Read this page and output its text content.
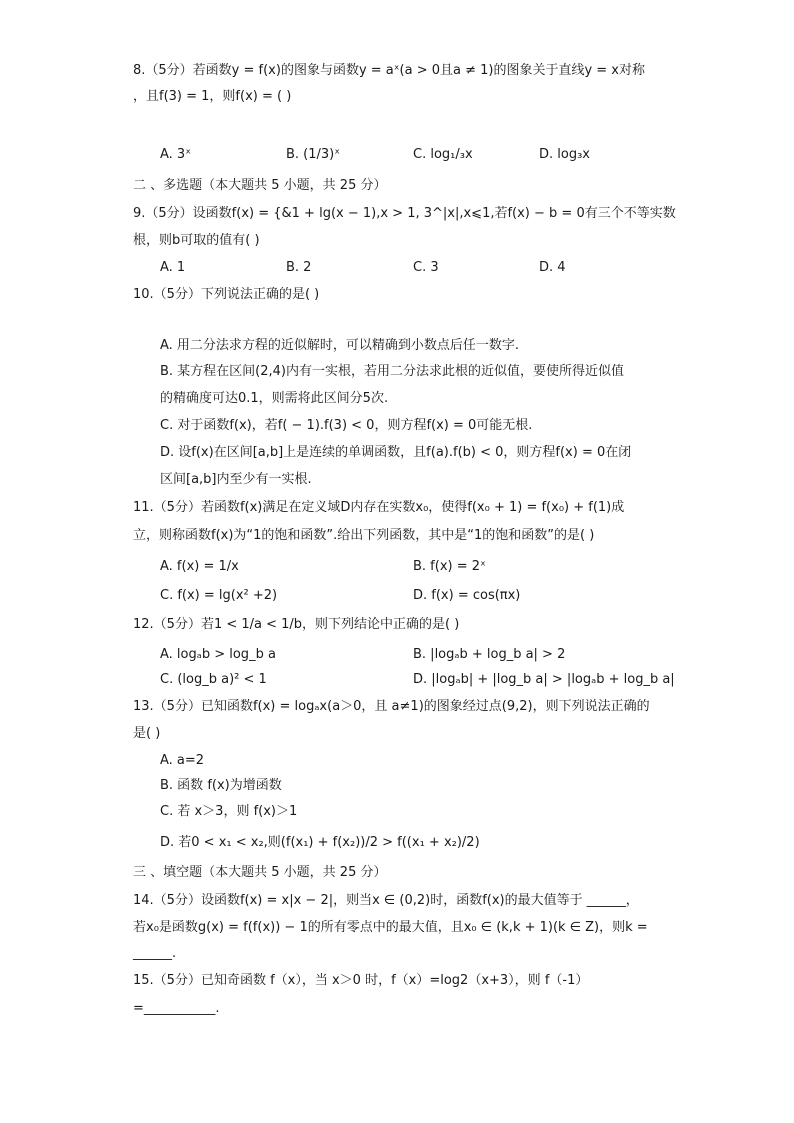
8.（5分）若函数y = f(x)的图象与函数y = aˣ(a > 0且a ≠ 1)的图象关于直线y = x对称
，且f(3) = 1，则f(x) = ( )
A. 3ˣ	B. (1/3)ˣ	C. log₁/₃x	D. log₃x
二 、多选题（本大题共 5 小题，共 25 分）
9.（5分）设函数f(x) = {&1 + lg(x − 1),x > 1, 3^|x|,x⩽1,若f(x) − b = 0有三个不等实数
根，则b可取的值有( )
A. 1	B. 2	C. 3	D. 4
10.（5分）下列说法正确的是( )
A. 用二分法求方程的近似解时，可以精确到小数点后任一数字.
B. 某方程在区间(2,4)内有一实根，若用二分法求此根的近似值，要使所得近似值
的精确度可达0.1，则需将此区间分5次.
C. 对于函数f(x)，若f( − 1).f(3) < 0，则方程f(x) = 0可能无根.
D. 设f(x)在区间[a,b]上是连续的单调函数，且f(a).f(b) < 0，则方程f(x) = 0在闭
区间[a,b]内至少有一实根.
11.（5分）若函数f(x)满足在定义域D内存在实数x₀，使得f(x₀ + 1) = f(x₀) + f(1)成
立，则称函数f(x)为“1的饱和函数”.给出下列函数，其中是“1的饱和函数”的是( )
A. f(x) = 1/x	B. f(x) = 2ˣ
C. f(x) = lg(x² +2)	D. f(x) = cos(πx)
12.（5分）若1 < 1/a < 1/b，则下列结论中正确的是( )
A. logₐb > log_b a	B. |logₐb + log_b a| > 2
C. (log_b a)² < 1	D. |logₐb| + |log_b a| > |logₐb + log_b a|
13.（5分）已知函数f(x) = logₐx(a＞0，且 a≠1)的图象经过点(9,2)，则下列说法正确的
是( )
A. a=2
B. 函数 f(x)为增函数
C. 若 x＞3，则 f(x)＞1
D. 若0 < x₁ < x₂,则(f(x₁) + f(x₂))/2 > f((x₁ + x₂)/2)
三 、填空题（本大题共 5 小题，共 25 分）
14.（5分）设函数f(x) = x|x − 2|，则当x ∈ (0,2)时，函数f(x)的最大值等于 ______，
若x₀是函数g(x) = f(f(x)) − 1的所有零点中的最大值，且x₀ ∈ (k,k + 1)(k ∈ Z)，则k =
______.
15.（5分）已知奇函数 f（x），当 x＞0 时，f（x）=log2（x+3），则 f（-1）
=___________.
